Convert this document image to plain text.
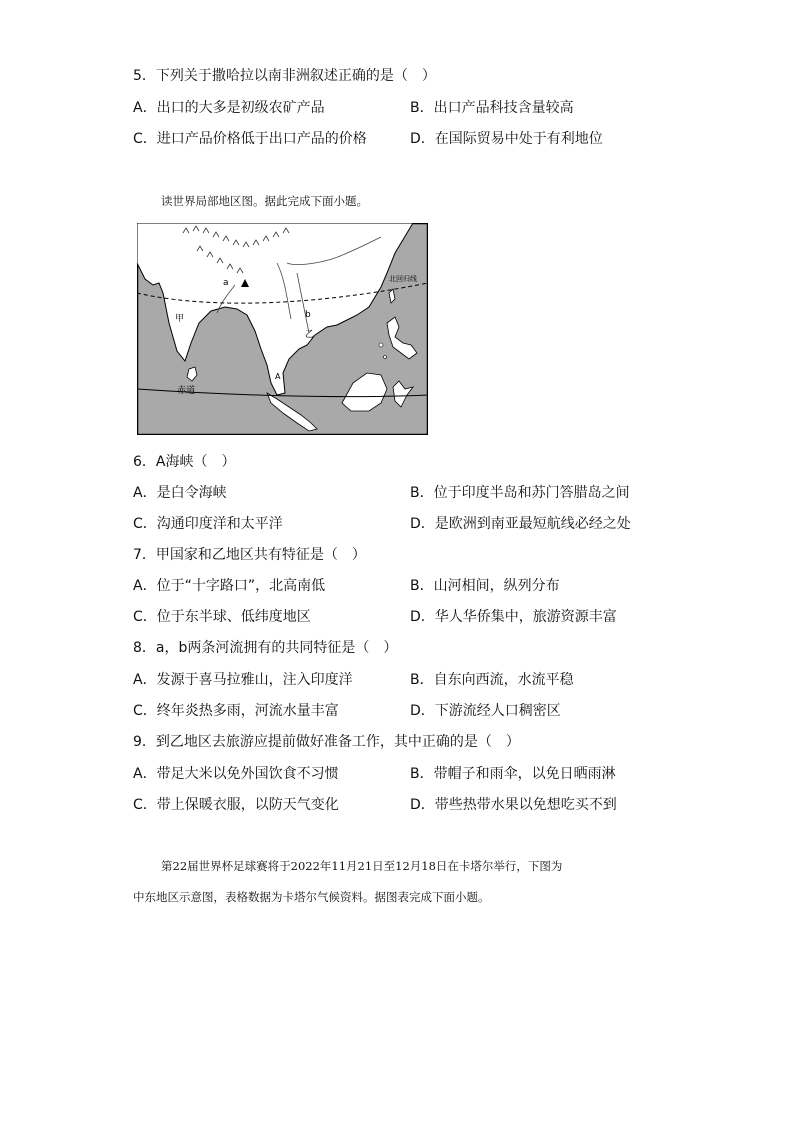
5．下列关于撒哈拉以南非洲叙述正确的是（　）
A．出口的大多是初级农矿产品	B．出口产品科技含量较高
C．进口产品价格低于出口产品的价格	D．在国际贸易中处于有利地位
读世界局部地区图。据此完成下面小题。
甲
乙
a
b
A
赤道
北回归线
6．A海峡（　）
A．是白令海峡	B．位于印度半岛和苏门答腊岛之间
C．沟通印度洋和太平洋	D．是欧洲到南亚最短航线必经之处
7．甲国家和乙地区共有特征是（　）
A．位于“十字路口”，北高南低	B．山河相间，纵列分布
C．位于东半球、低纬度地区	D．华人华侨集中，旅游资源丰富
8．a，b两条河流拥有的共同特征是（　）
A．发源于喜马拉雅山，注入印度洋	B．自东向西流，水流平稳
C．终年炎热多雨，河流水量丰富	D．下游流经人口稠密区
9．到乙地区去旅游应提前做好准备工作，其中正确的是（　）
A．带足大米以免外国饮食不习惯	B．带帽子和雨伞，以免日晒雨淋
C．带上保暖衣服，以防天气变化	D．带些热带水果以免想吃买不到
第22届世界杯足球赛将于2022年11月21日至12月18日在卡塔尔举行，下图为
中东地区示意图，表格数据为卡塔尔气候资料。据图表完成下面小题。
